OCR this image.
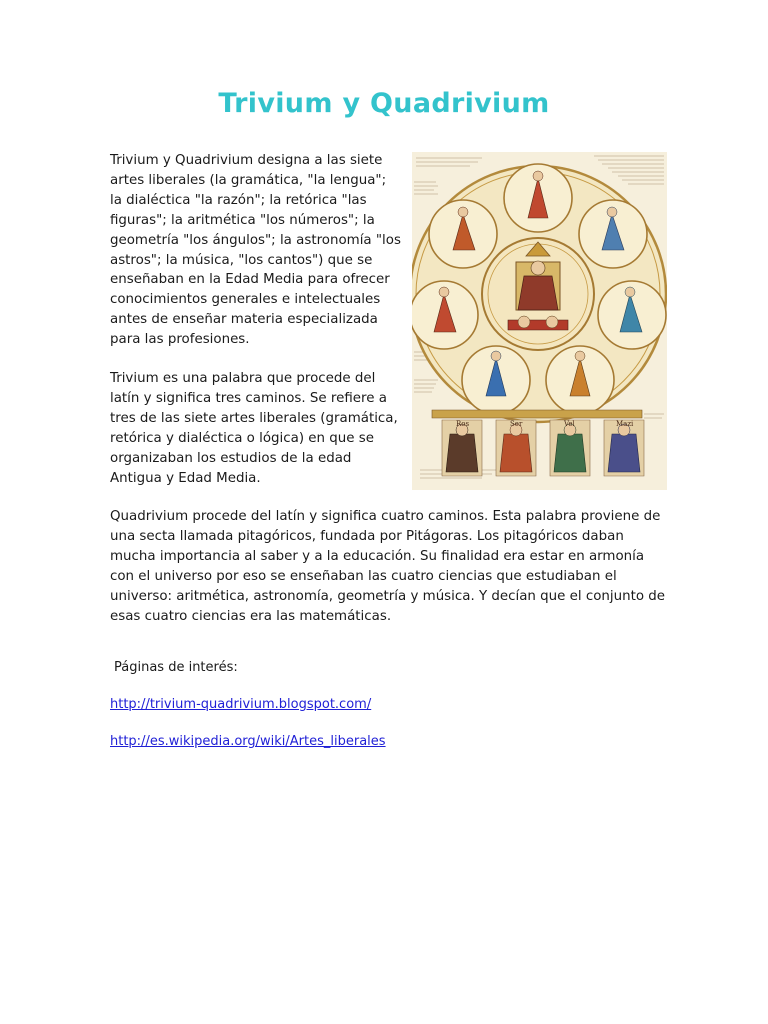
Trivium y Quadrivium

Trivium y Quadrivium designa a las siete artes liberales (la gramática, "la lengua"; la dialéctica "la razón"; la retórica "las figuras"; la aritmética "los números"; la geometría "los ángulos"; la astronomía "los astros"; la música, "los cantos") que se enseñaban en la Edad Media para ofrecer conocimientos generales e intelectuales antes de enseñar materia especializada para las profesiones.

Trivium es una palabra que procede del latín y significa tres caminos. Se refiere a tres de las siete artes liberales (gramática, retórica y dialéctica o lógica) en que se organizaban los estudios de la edad Antigua y Edad Media.

Quadrivium procede del latín y significa cuatro caminos. Esta palabra proviene de una secta llamada pitagóricos, fundada por Pitágoras. Los pitagóricos daban mucha importancia al saber y a la educación. Su finalidad era estar en armonía con el universo por eso se enseñaban las cuatro ciencias que estudiaban el universo: aritmética, astronomía, geometría y música. Y decían que el conjunto de esas cuatro ciencias era las matemáticas.

Ros	Ser	Vel	Mazi

Páginas de interés:

http://trivium-quadrivium.blogspot.com/
http://es.wikipedia.org/wiki/Artes_liberales
